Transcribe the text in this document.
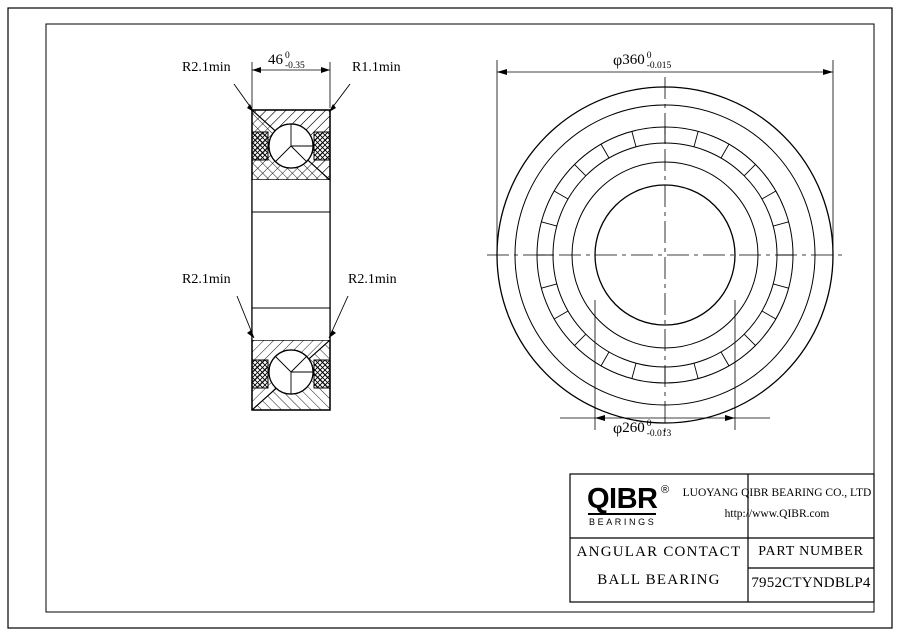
R2.1min	R1.1min
R2.1min	R2.1min
46 0
-0.35	φ 360 0
-0.015
φ 260 0
-0.013
QIBR ®
BEARINGS
LUOYANG QIBR BEARING CO., LTD
http://www.QIBR.com
ANGULAR CONTACT
BALL BEARING
PART NUMBER
7952CTYNDBLP4
